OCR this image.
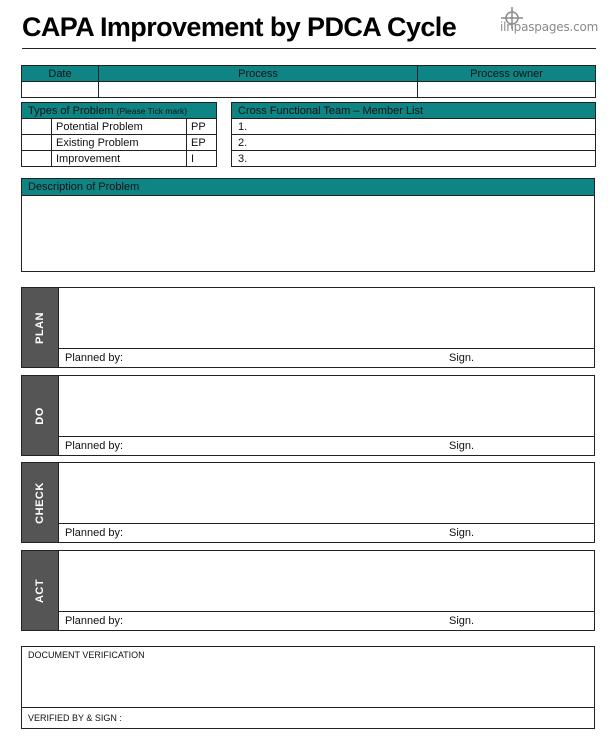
CAPA Improvement by PDCA Cycle	ilnpaspages.com
Date	Process	Process owner

Types of Problem (Please Tick mark)		
	Potential Problem	PP
	Existing Problem	EP
	Improvement	I
Cross Functional Team – Member List
1.
2.
3.
Description of Problem
PLAN
Planned by:	Sign.
DO
Planned by:	Sign.
CHECK
Planned by:	Sign.
ACT
Planned by:	Sign.
DOCUMENT VERIFICATION
VERIFIED BY & SIGN :
